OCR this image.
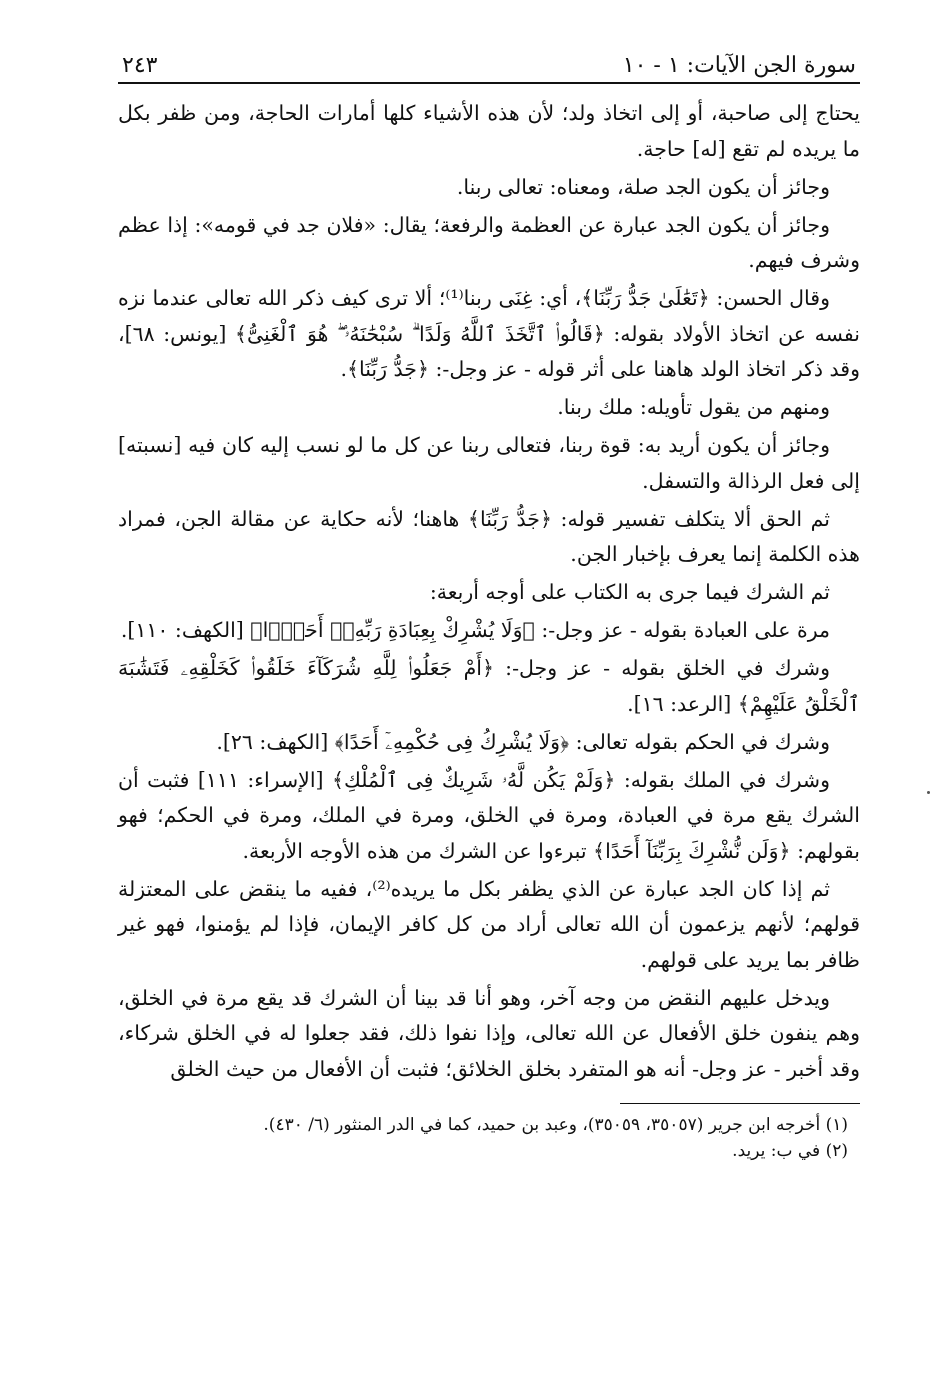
سورة الجن الآيات: ١ - ١٠
٢٤٣

يحتاج إلى صاحبة، أو إلى اتخاذ ولد؛ لأن هذه الأشياء كلها أمارات الحاجة، ومن ظفر بكل ما يريده لم تقع [له] حاجة.

وجائز أن يكون الجد صلة، ومعناه: تعالى ربنا.

وجائز أن يكون الجد عبارة عن العظمة والرفعة؛ يقال: «فلان جد في قومه»: إذا عظم وشرف فيهم.

وقال الحسن: ﴿تَعَٰلَىٰ جَدُّ رَبِّنَا﴾، أي: غِنَى ربنا⁽¹⁾؛ ألا ترى كيف ذكر الله تعالى عندما نزه نفسه عن اتخاذ الأولاد بقوله: ﴿قَالُوا۟ ٱتَّخَذَ ٱللَّهُ وَلَدًا ۗ سُبْحَٰنَهُۥ ۖ هُوَ ٱلْغَنِىُّ﴾ [يونس: ٦٨]، وقد ذكر اتخاذ الولد هاهنا على أثر قوله - عز وجل-: ﴿جَدُّ رَبِّنَا﴾.

ومنهم من يقول تأويله: ملك ربنا.

وجائز أن يكون أريد به: قوة ربنا، فتعالى ربنا عن كل ما لو نسب إليه كان فيه [نسبته] إلى فعل الرذالة والتسفل.

ثم الحق ألا يتكلف تفسير قوله: ﴿جَدُّ رَبِّنَا﴾ هاهنا؛ لأنه حكاية عن مقالة الجن، فمراد هذه الكلمة إنما يعرف بإخبار الجن.

ثم الشرك فيما جرى به الكتاب على أوجه أربعة:

مرة على العبادة بقوله - عز وجل-: ﴿وَلَا يُشْرِكْ بِعِبَادَةِ رَبِّهِۦٓ أَحَدًۢا﴾ [الكهف: ١١٠].

وشرك في الخلق بقوله - عز وجل-: ﴿أَمْ جَعَلُوا۟ لِلَّهِ شُرَكَآءَ خَلَقُوا۟ كَخَلْقِهِۦ فَتَشَٰبَهَ ٱلْخَلْقُ عَلَيْهِمْ﴾ [الرعد: ١٦].

وشرك في الحكم بقوله تعالى: ﴿وَلَا يُشْرِكُ فِى حُكْمِهِۦٓ أَحَدًا﴾ [الكهف: ٢٦].

وشرك في الملك بقوله: ﴿وَلَمْ يَكُن لَّهُۥ شَرِيكٌ فِى ٱلْمُلْكِ﴾ [الإسراء: ١١١] فثبت أن الشرك يقع مرة في العبادة، ومرة في الخلق، ومرة في الملك، ومرة في الحكم؛ فهو بقولهم: ﴿وَلَن نُّشْرِكَ بِرَبِّنَآ أَحَدًا﴾ تبرءوا عن الشرك من هذه الأوجه الأربعة.

ثم إذا كان الجد عبارة عن الذي يظفر بكل ما يريده⁽²⁾، ففيه ما ينقض على المعتزلة قولهم؛ لأنهم يزعمون أن الله تعالى أراد من كل كافر الإيمان، فإذا لم يؤمنوا، فهو غير ظافر بما يريد على قولهم.

ويدخل عليهم النقض من وجه آخر، وهو أنا قد بينا أن الشرك قد يقع مرة في الخلق، وهم ينفون خلق الأفعال عن الله تعالى، وإذا نفوا ذلك، فقد جعلوا له في الخلق شركاء، وقد أخبر - عز وجل- أنه هو المتفرد بخلق الخلائق؛ فثبت أن الأفعال من حيث الخلق

(١) أخرجه ابن جرير (٣٥٠٥٧، ٣٥٠٥٩)، وعبد بن حميد، كما في الدر المنثور (٦/ ٤٣٠).
(٢) في ب: يريد.
